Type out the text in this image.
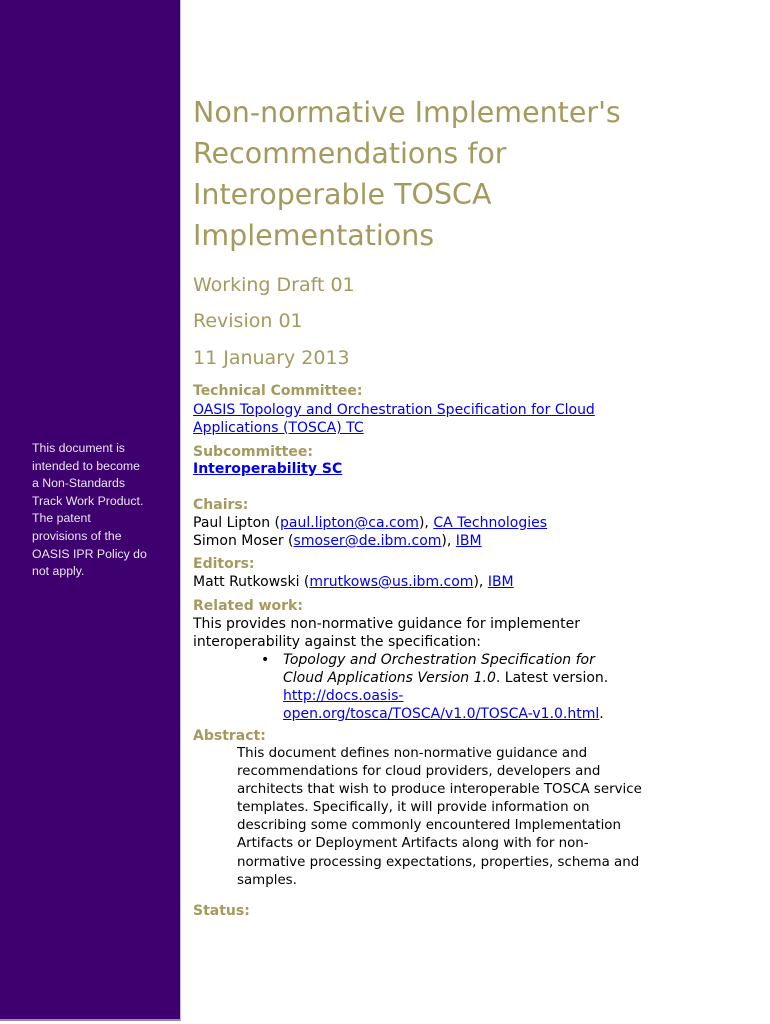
This document is
intended to become
a Non-Standards
Track Work Product.
The patent
provisions of the
OASIS IPR Policy do
not apply.
Non-normative Implementer's
Recommendations for
Interoperable TOSCA
Implementations
Working Draft 01
Revision 01
11 January 2013
Technical Committee:
OASIS Topology and Orchestration Specification for Cloud
Applications (TOSCA) TC
Subcommittee:
Interoperability SC
Chairs:
Paul Lipton (paul.lipton@ca.com), CA Technologies
Simon Moser (smoser@de.ibm.com), IBM
Editors:
Matt Rutkowski (mrutkows@us.ibm.com), IBM
Related work:
This provides non-normative guidance for implementer
interoperability against the specification:
• Topology and Orchestration Specification for
Cloud Applications Version 1.0. Latest version.
http://docs.oasis-
open.org/tosca/TOSCA/v1.0/TOSCA-v1.0.html.
Abstract:
This document defines non-normative guidance and
recommendations for cloud providers, developers and
architects that wish to produce interoperable TOSCA service
templates. Specifically, it will provide information on
describing some commonly encountered Implementation
Artifacts or Deployment Artifacts along with for non-
normative processing expectations, properties, schema and
samples.
Status:
